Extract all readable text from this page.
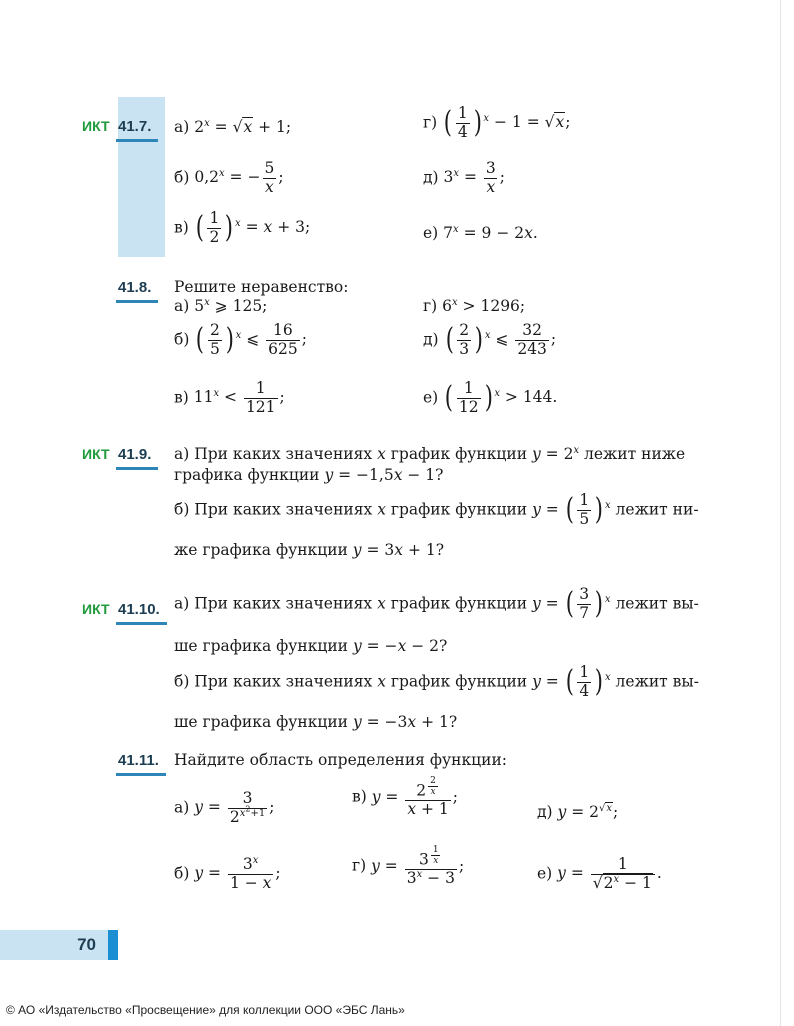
ИКТ 41.7. а) $2^x = √x + 1$;
б) $0,2^x$ = − $\frac{5}{x}$ ;
в) ( $\frac{1}{2}$ ) $^x$ = x + 3;
г) ( $\frac{1}{4}$ ) $^x$ − 1 = √x;
д) $3^x = \frac{3}{x}$ ;
е) $7^x = 9 - 2x$.
41.8. Решите неравенство:
а) 5$^x$ ⩾ 125;
б) ( $\frac{2}{5}$ ) $^x$ ⩽ $\frac{16}{625}$ ;
в) $11^x < \frac{1}{121}$ ;
г) $6^x > 1296$;
д) ( $\frac{2}{3}$ ) $^x$ ⩽ $\frac{32}{243}$ ;
е) ( $\frac{1}{12}$ ) $^x$ > 144.
ИКТ 41.9. а) При каких значениях x график функции $y = 2^x$ лежит ниже
графика функции y = −1,5x − 1?
б) При каких значениях x график функции y = ( $\frac{1}{5}$ ) $^x$ лежит ни-
же графика функции y = 3x + 1?
ИКТ 41.10. а) При каких значениях x график функции y = ( $\frac{3}{7}$ ) $^x$ лежит вы-
ше графика функции y = −x − 2?
б) При каких значениях x график функции y = ( $\frac{1}{4}$ ) $^x$ лежит вы-
ше графика функции y = −3x + 1?
41.11. Найдите область определения функции:
а) $y = \frac{3}{2^{x^2+1}}$ ;
б) $y = \frac{3^x}{1 - x}$ ;
в) y = 2 $^{\frac{2}{x}}$
x + 1 ;
г) y = 3 $^{\frac{1}{x}}$
$3^x - 3$ ;
д) $y = 2^{√x}$;
е) $y = \frac{1}{√2^x - 1}$ .
70
© АО «Издательство «Просвещение» для коллекции ООО «ЭБС Лань»
